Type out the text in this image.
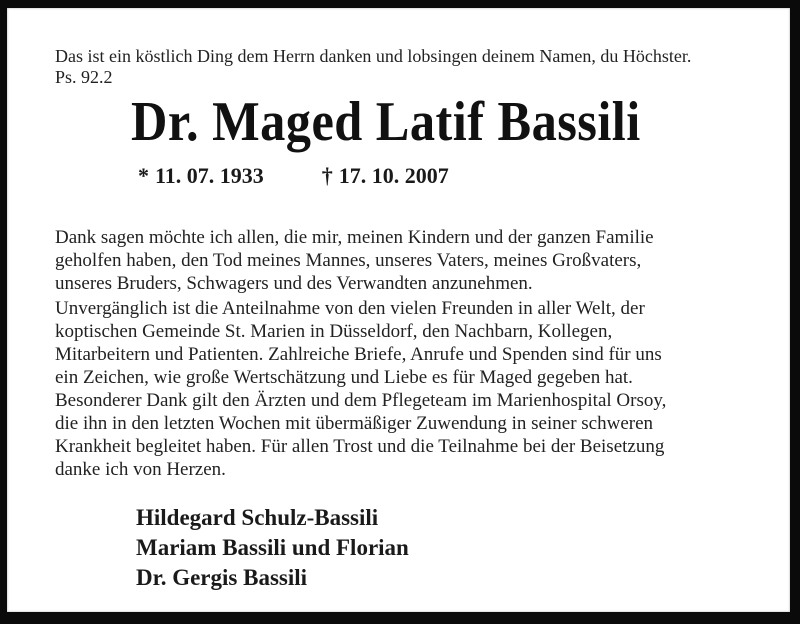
Das ist ein köstlich Ding dem Herrn danken und lobsingen deinem Namen, du Höchster.
Ps. 92.2
Dr. Maged Latif Bassili
* 11. 07. 1933	† 17. 10. 2007
Dank sagen möchte ich allen, die mir, meinen Kindern und der ganzen Familie
geholfen haben, den Tod meines Mannes, unseres Vaters, meines Großvaters,
unseres Bruders, Schwagers und des Verwandten anzunehmen.
Unvergänglich ist die Anteilnahme von den vielen Freunden in aller Welt, der
koptischen Gemeinde St. Marien in Düsseldorf, den Nachbarn, Kollegen,
Mitarbeitern und Patienten. Zahlreiche Briefe, Anrufe und Spenden sind für uns
ein Zeichen, wie große Wertschätzung und Liebe es für Maged gegeben hat.
Besonderer Dank gilt den Ärzten und dem Pflegeteam im Marienhospital Orsoy,
die ihn in den letzten Wochen mit übermäßiger Zuwendung in seiner schweren
Krankheit begleitet haben. Für allen Trost und die Teilnahme bei der Beisetzung
danke ich von Herzen.
Hildegard Schulz-Bassili
Mariam Bassili und Florian
Dr. Gergis Bassili
